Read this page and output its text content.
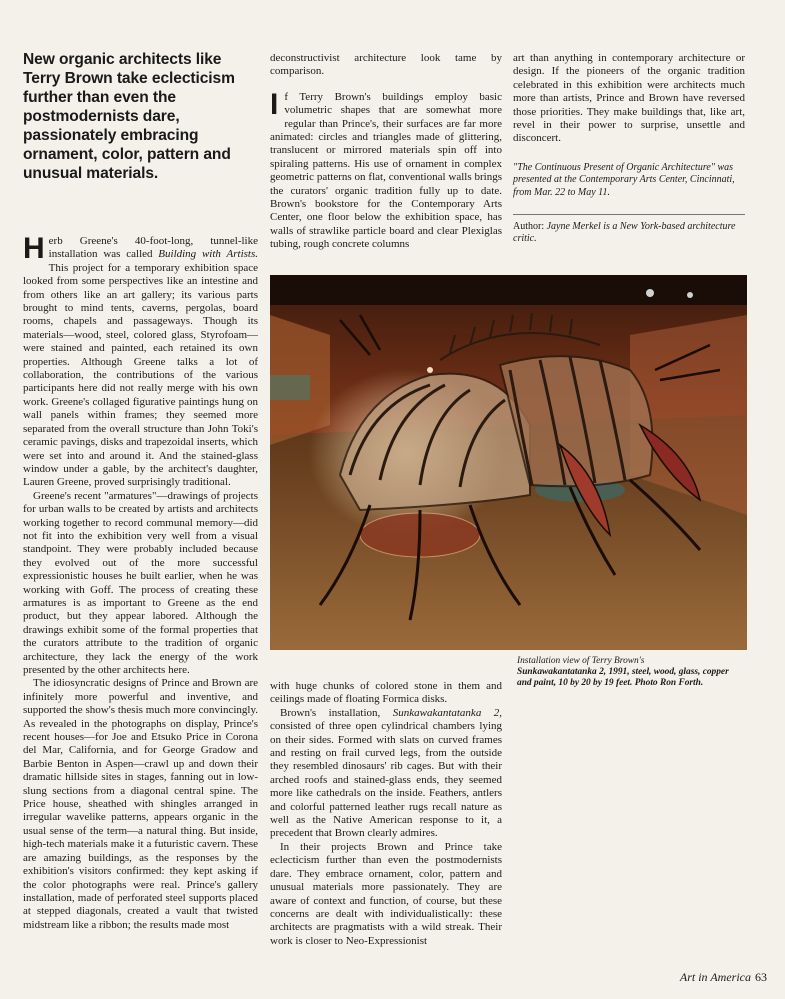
New organic architects like Terry Brown take eclecticism further than even the postmodernists dare, passionately embracing ornament, color, pattern and unusual materials.

Herb Greene's 40-foot-long, tunnel-like installation was called Building with Artists. This project for a temporary exhibition space looked from some perspectives like an intestine and from others like an art gallery; its various parts brought to mind tents, caverns, pergolas, board rooms, chapels and passageways. Though its materials—wood, steel, colored glass, Styrofoam—were stained and painted, each retained its own properties. Although Greene talks a lot of collaboration, the contributions of the various participants here did not really merge with his own work. Greene's collaged figurative paintings hung on wall panels within frames; they seemed more separated from the overall structure than John Toki's ceramic pavings, disks and trapezoidal inserts, which were set into and around it. And the stained-glass window under a gable, by the architect's daughter, Lauren Greene, proved surprisingly traditional.

Greene's recent "armatures"—drawings of projects for urban walls to be created by artists and architects working together to record communal memory—did not fit into the exhibition very well from a visual standpoint. They were probably included because they evolved out of the more successful expressionistic houses he built earlier, when he was working with Goff. The process of creating these armatures is as important to Greene as the end product, but they appear labored. Although the drawings exhibit some of the formal properties that the curators attribute to the tradition of organic architecture, they lack the energy of the work presented by the other architects here.

The idiosyncratic designs of Prince and Brown are infinitely more powerful and inventive, and supported the show's thesis much more convincingly. As revealed in the photographs on display, Prince's recent houses—for Joe and Etsuko Price in Corona del Mar, California, and for George Gradow and Barbie Benton in Aspen—crawl up and down their dramatic hillside sites in stages, fanning out in low-slung sections from a diagonal central spine. The Price house, sheathed with shingles arranged in irregular wavelike patterns, appears organic in the usual sense of the term—a natural thing. But inside, high-tech materials make it a futuristic cavern. These are amazing buildings, as the responses by the exhibition's visitors confirmed: they kept asking if the color photographs were real. Prince's gallery installation, made of perforated steel supports placed at stepped diagonals, created a vault that twisted midstream like a ribbon; the results made most

deconstructivist architecture look tame by comparison.

If Terry Brown's buildings employ basic volumetric shapes that are somewhat more regular than Prince's, their surfaces are far more animated: circles and triangles made of glittering, translucent or mirrored materials spin off into spiraling patterns. His use of ornament in complex geometric patterns on flat, conventional walls brings the curators' organic tradition fully up to date. Brown's bookstore for the Contemporary Arts Center, one floor below the exhibition space, has walls of strawlike particle board and clear Plexiglas tubing, rough concrete columns

art than anything in contemporary architecture or design. If the pioneers of the organic tradition celebrated in this exhibition were architects much more than artists, Prince and Brown have reversed those priorities. They make buildings that, like art, revel in their power to surprise, unsettle and disconcert.

"The Continuous Present of Organic Architecture" was presented at the Contemporary Arts Center, Cincinnati, from Mar. 22 to May 11.
Author: Jayne Merkel is a New York-based architecture critic.
Installation view of Terry Brown's
Sunkawakantatanka 2, 1991, steel, wood, glass, copper and paint, 10 by 20 by 19 feet. Photo Ron Forth.

with huge chunks of colored stone in them and ceilings made of floating Formica disks.

Brown's installation, Sunkawakantatanka 2, consisted of three open cylindrical chambers lying on their sides. Formed with slats on curved frames and resting on frail curved legs, from the outside they resembled dinosaurs' rib cages. But with their arched roofs and stained-glass ends, they seemed more like cathedrals on the inside. Feathers, antlers and colorful patterned leather rugs recall nature as well as the Native American response to it, a precedent that Brown clearly admires.

In their projects Brown and Prince take eclecticism further than even the postmodernists dare. They embrace ornament, color, pattern and unusual materials more passionately. They are aware of context and function, of course, but these concerns are dealt with individualistically: these architects are pragmatists with a wild streak. Their work is closer to Neo-Expressionist

Art in America 63
